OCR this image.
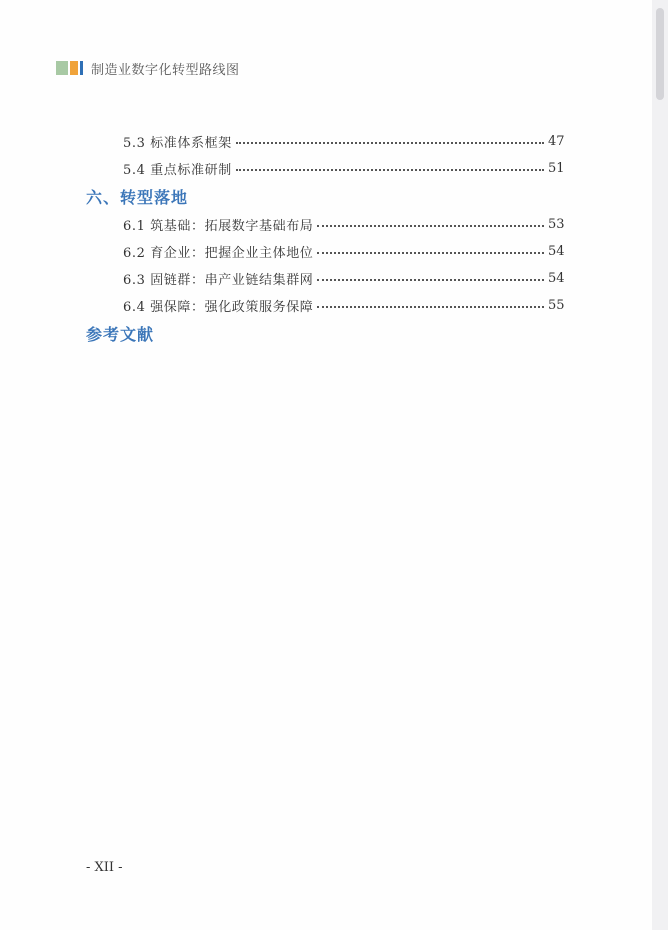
制造业数字化转型路线图
5.3 标准体系框架	47
5.4 重点标准研制	51
六、转型落地
6.1 筑基础：拓展数字基础布局	53
6.2 育企业：把握企业主体地位	54
6.3 固链群：串产业链结集群网	54
6.4 强保障：强化政策服务保障	55
参考文献
- XII -
